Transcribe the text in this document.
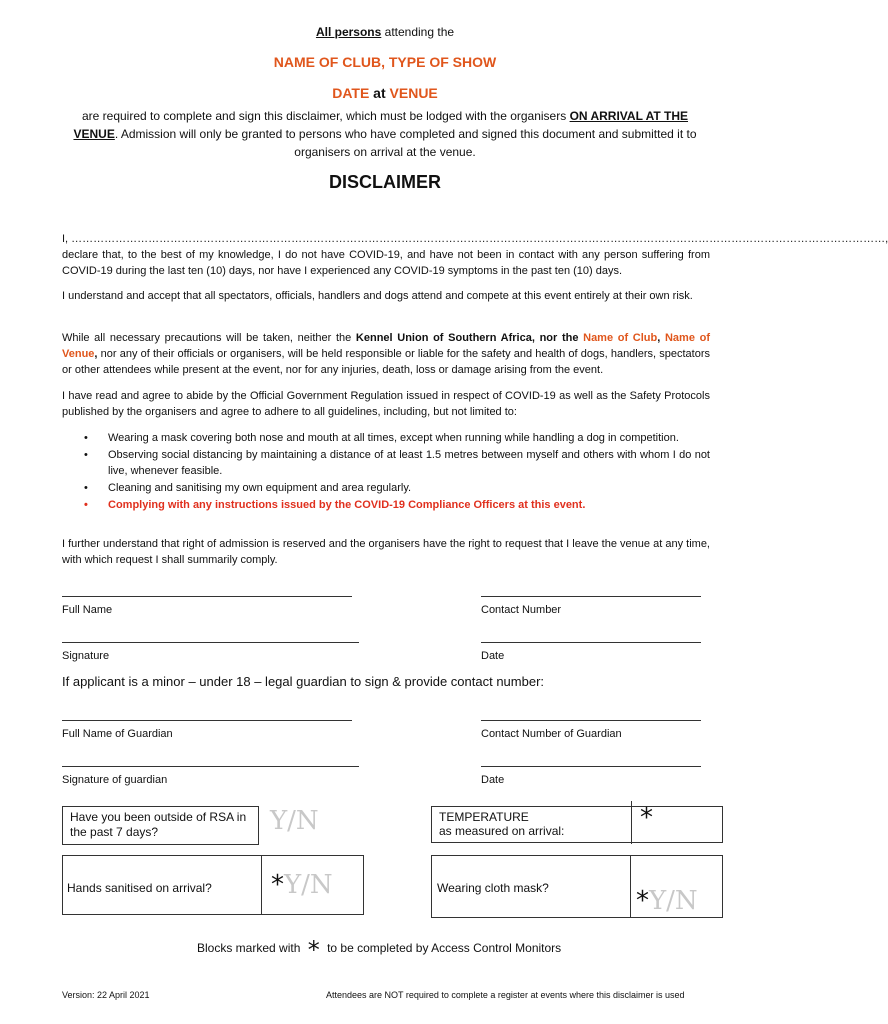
All persons attending the
NAME OF CLUB, TYPE OF SHOW
DATE at VENUE
are required to complete and sign this disclaimer, which must be lodged with the organisers ON ARRIVAL AT THE VENUE. Admission will only be granted to persons who have completed and signed this document and submitted it to organisers on arrival at the venue.
DISCLAIMER
I, ……………………………………………………………………………………………………………………………………………………………………………………………………,
declare that, to the best of my knowledge, I do not have COVID-19, and have not been in contact with any person suffering from COVID-19 during the last ten (10) days, nor have I experienced any COVID-19 symptoms in the past ten (10) days.
I understand and accept that all spectators, officials, handlers and dogs attend and compete at this event entirely at their own risk.
While all necessary precautions will be taken, neither the Kennel Union of Southern Africa, nor the Name of Club, Name of Venue, nor any of their officials or organisers, will be held responsible or liable for the safety and health of dogs, handlers, spectators or other attendees while present at the event, nor for any injuries, death, loss or damage arising from the event.
I have read and agree to abide by the Official Government Regulation issued in respect of COVID-19 as well as the Safety Protocols published by the organisers and agree to adhere to all guidelines, including, but not limited to:
• Wearing a mask covering both nose and mouth at all times, except when running while handling a dog in competition.
• Observing social distancing by maintaining a distance of at least 1.5 metres between myself and others with whom I do not live, whenever feasible.
• Cleaning and sanitising my own equipment and area regularly.
• Complying with any instructions issued by the COVID-19 Compliance Officers at this event.
I further understand that right of admission is reserved and the organisers have the right to request that I leave the venue at any time, with which request I shall summarily comply.
Full Name	Contact Number
Signature	Date
If applicant is a minor – under 18 – legal guardian to sign & provide contact number:
Full Name of Guardian	Contact Number of Guardian
Signature of guardian	Date
Have you been outside of RSA in the past 7 days?	Y/N	TEMPERATURE
as measured on arrival:	*
Hands sanitised on arrival? *Y/N	Wearing cloth mask?	*Y/N
Blocks marked with * to be completed by Access Control Monitors
Version: 22 April 2021	Attendees are NOT required to complete a register at events where this disclaimer is used
